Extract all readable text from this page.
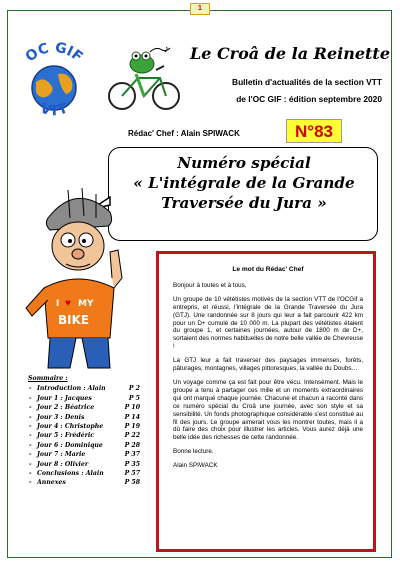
1
OC GIF
VTT
♪	Le Croâ de la Reinette
Bulletin d'actualités de la section VTT
de l'OC GIF : édition septembre 2020
Rédac' Chef : Alain SPIWACK	N°83
Numéro spécial
« L'intégrale de la Grande
Traversée du Jura »
I ♥ MY
BIKE
Sommaire :
- Introduction : Alain	P 2
- Jour 1 : Jacques	P 5
- Jour 2 : Béatrice	P 10
- Jour 3 : Denis	P 14
- Jour 4 : Christophe	P 19
- Jour 5 : Frédéric	P 22
- Jour 6 : Dominique	P 28
- Jour 7 : Marie	P 37
- Jour 8 : Olivier	P 35
- Conclusions : Alain	P 57
- Annexes	P 58
Le mot du Rédac' Chef
Bonjour à toutes et à tous,
Un groupe de 10 vététistes motivés de la section VTT de l'OCGif a entrepris, et réussi, l'intégrale de la Grande Traversée du Jura (GTJ). Une randonnée sur 8 jours qui leur a fait parcourir 422 km pour un D+ cumulé de 10 000 m. La plupart des vététistes étaient du groupe 1, et certaines journées, autour de 1800 m de D+, sortaient des normes habituelles de notre belle vallée de Chevreuse !
La GTJ leur a fait traverser des paysages immenses, forêts, pâturages, montagnes, villages pittoresques, la vallée du Doubs…
Un voyage comme ça est fait pour être vécu. Intensément. Mais le groupe a tenu à partager ces mille et un moments extraordinaires qui ont marqué chaque journée. Chacune et chacun a raconté dans ce numéro spécial du Croâ une journée, avec son style et sa sensibilité. Un fonds photographique considérable s'est constitué au fil des jours. Le groupe aimerait vous les montrer toutes, mais il a dû faire des choix pour illustrer les articles. Vous aurez déjà une belle idée des richesses de cette randonnée.
Bonne lecture.
Alain SPIWACK
